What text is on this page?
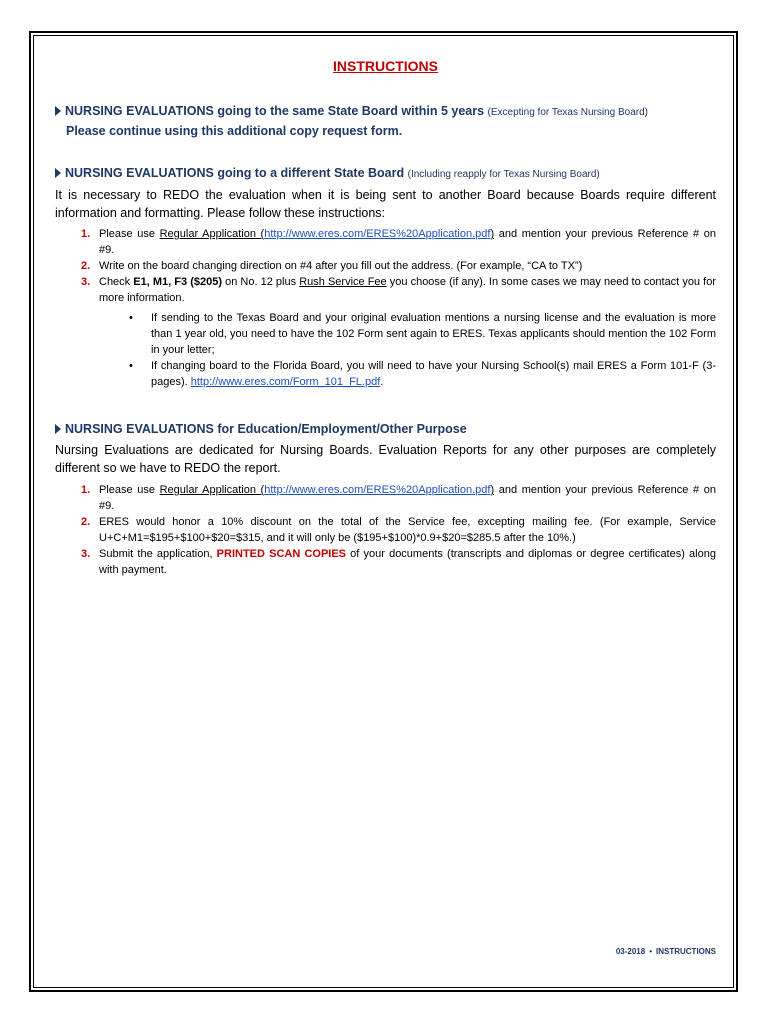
INSTRUCTIONS
NURSING EVALUATIONS going to the same State Board within 5 years (Excepting for Texas Nursing Board)
Please continue using this additional copy request form.
NURSING EVALUATIONS going to a different State Board (Including reapply for Texas Nursing Board)
It is necessary to REDO the evaluation when it is being sent to another Board because Boards require different information and formatting. Please follow these instructions:
1. Please use Regular Application (http://www.eres.com/ERES%20Application.pdf) and mention your previous Reference # on #9.
2. Write on the board changing direction on #4 after you fill out the address. (For example, “CA to TX”)
3. Check E1, M1, F3 ($205) on No. 12 plus Rush Service Fee you choose (if any). In some cases we may need to contact you for more information.
• If sending to the Texas Board and your original evaluation mentions a nursing license and the evaluation is more than 1 year old, you need to have the 102 Form sent again to ERES. Texas applicants should mention the 102 Form in your letter;
• If changing board to the Florida Board, you will need to have your Nursing School(s) mail ERES a Form 101-F (3-pages). http://www.eres.com/Form_101_FL.pdf.
NURSING EVALUATIONS for Education/Employment/Other Purpose
Nursing Evaluations are dedicated for Nursing Boards. Evaluation Reports for any other purposes are completely different so we have to REDO the report.
1. Please use Regular Application (http://www.eres.com/ERES%20Application.pdf) and mention your previous Reference # on #9.
2. ERES would honor a 10% discount on the total of the Service fee, excepting mailing fee. (For example, Service U+C+M1=$195+$100+$20=$315, and it will only be ($195+$100)*0.9+$20=$285.5 after the 10%.)
3. Submit the application, PRINTED SCAN COPIES of your documents (transcripts and diplomas or degree certificates) along with payment.
03-2018 • INSTRUCTIONS
